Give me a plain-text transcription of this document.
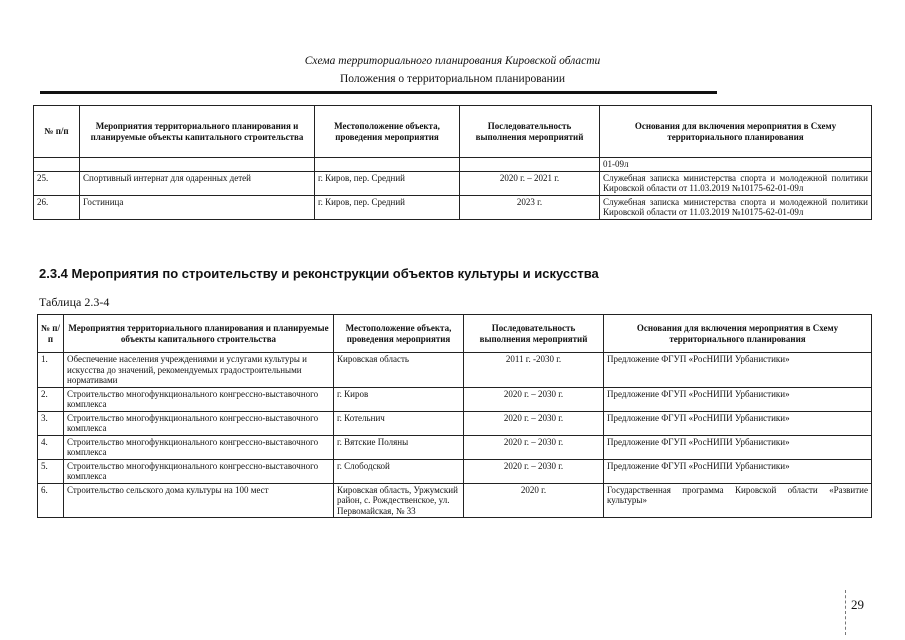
Схема территориального планирования Кировской области
Положения о территориальном планировании
№ п/п	Мероприятия территориального планирования и планируемые объекты капитального строительства	Местоположение объекта, проведения мероприятия	Последовательность выполнения мероприятий	Основания для включения мероприятия в Схему территориального планирования
				01-09л
25.	Спортивный интернат для одаренных детей	г. Киров, пер. Средний	2020 г. – 2021 г.	Служебная записка министерства спорта и молодежной политики Кировской области от 11.03.2019 №10175-62-01-09л
26.	Гостиница	г. Киров, пер. Средний	2023 г.	Служебная записка министерства спорта и молодежной политики Кировской области от 11.03.2019 №10175-62-01-09л
2.3.4 Мероприятия по строительству и реконструкции объектов культуры и искусства
Таблица 2.3-4
№ п/п	Мероприятия территориального планирования и планируемые объекты капитального строительства	Местоположение объекта, проведения мероприятия	Последовательность выполнения мероприятий	Основания для включения мероприятия в Схему территориального планирования
1.	Обеспечение населения учреждениями и услугами культуры и искусства до значений, рекомендуемых градостроительными нормативами	Кировская область	2011 г. -2030 г.	Предложение ФГУП «РосНИПИ Урбанистики»
2.	Строительство многофункционального конгрессно-выставочного комплекса	г. Киров	2020 г. – 2030 г.	Предложение ФГУП «РосНИПИ Урбанистики»
3.	Строительство многофункционального конгрессно-выставочного комплекса	г. Котельнич	2020 г. – 2030 г.	Предложение ФГУП «РосНИПИ Урбанистики»
4.	Строительство многофункционального конгрессно-выставочного комплекса	г. Вятские Поляны	2020 г. – 2030 г.	Предложение ФГУП «РосНИПИ Урбанистики»
5.	Строительство многофункционального конгрессно-выставочного комплекса	г. Слободской	2020 г. – 2030 г.	Предложение ФГУП «РосНИПИ Урбанистики»
6.	Строительство сельского дома культуры на 100 мест	Кировская область, Уржумский район, с. Рождественское, ул. Первомайская, № 33	2020 г.	Государственная программа Кировской области «Развитие культуры»
29
